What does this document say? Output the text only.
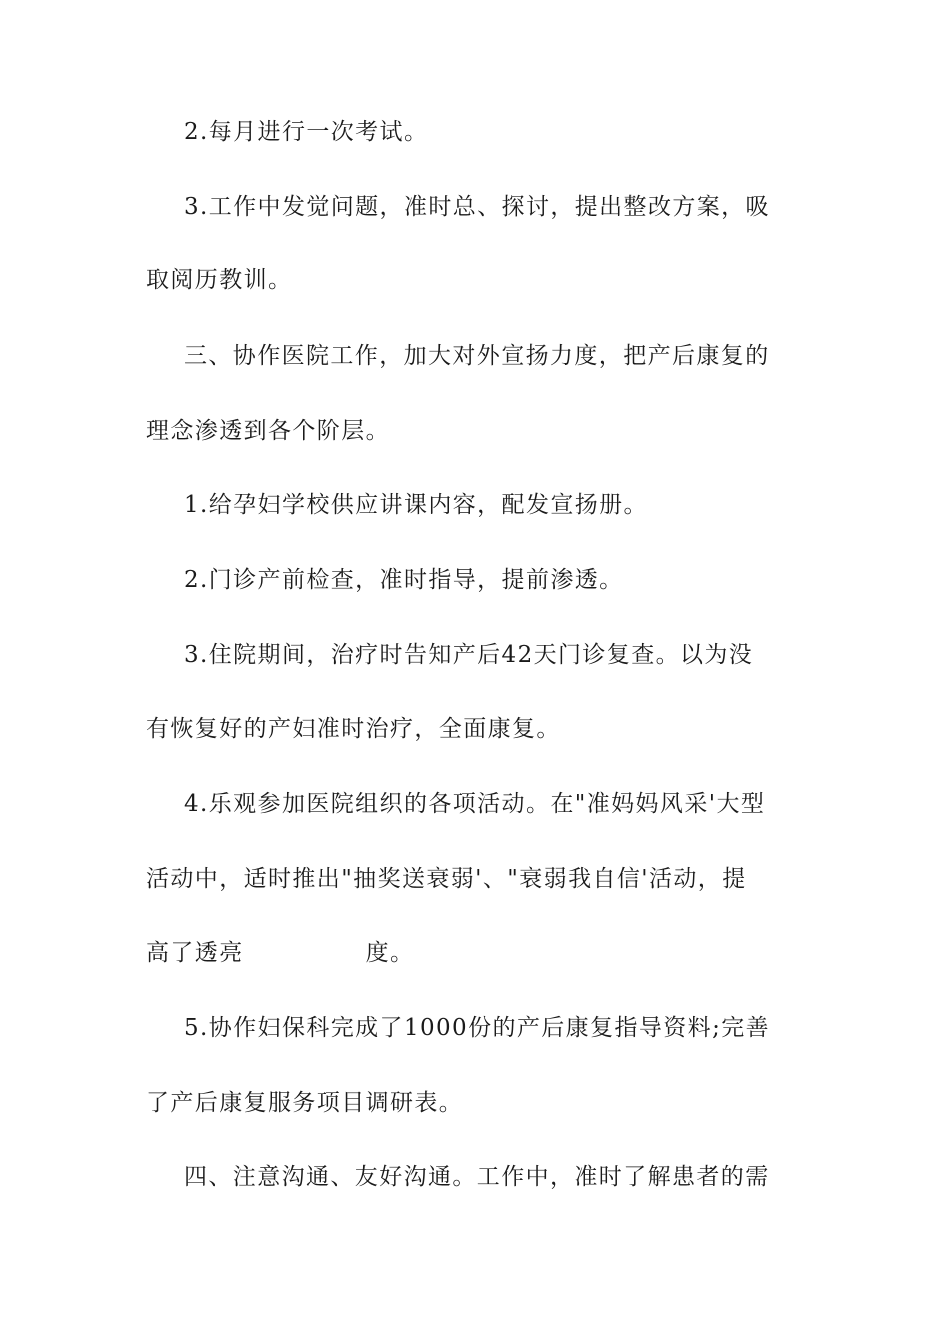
2.每月进行一次考试。
3.工作中发觉问题，准时总、探讨，提出整改方案，吸
取阅历教训。
三、协作医院工作，加大对外宣扬力度，把产后康复的
理念渗透到各个阶层。
1.给孕妇学校供应讲课内容，配发宣扬册。
2.门诊产前检查，准时指导，提前渗透。
3.住院期间，治疗时告知产后42天门诊复查。以为没
有恢复好的产妇准时治疗，全面康复。
4.乐观参加医院组织的各项活动。在"准妈妈风采'大型
活动中，适时推出"抽奖送衰弱'、"衰弱我自信'活动，提
高了透亮	度。
5.协作妇保科完成了1000份的产后康复指导资料;完善
了产后康复服务项目调研表。
四、注意沟通、友好沟通。工作中，准时了解患者的需
